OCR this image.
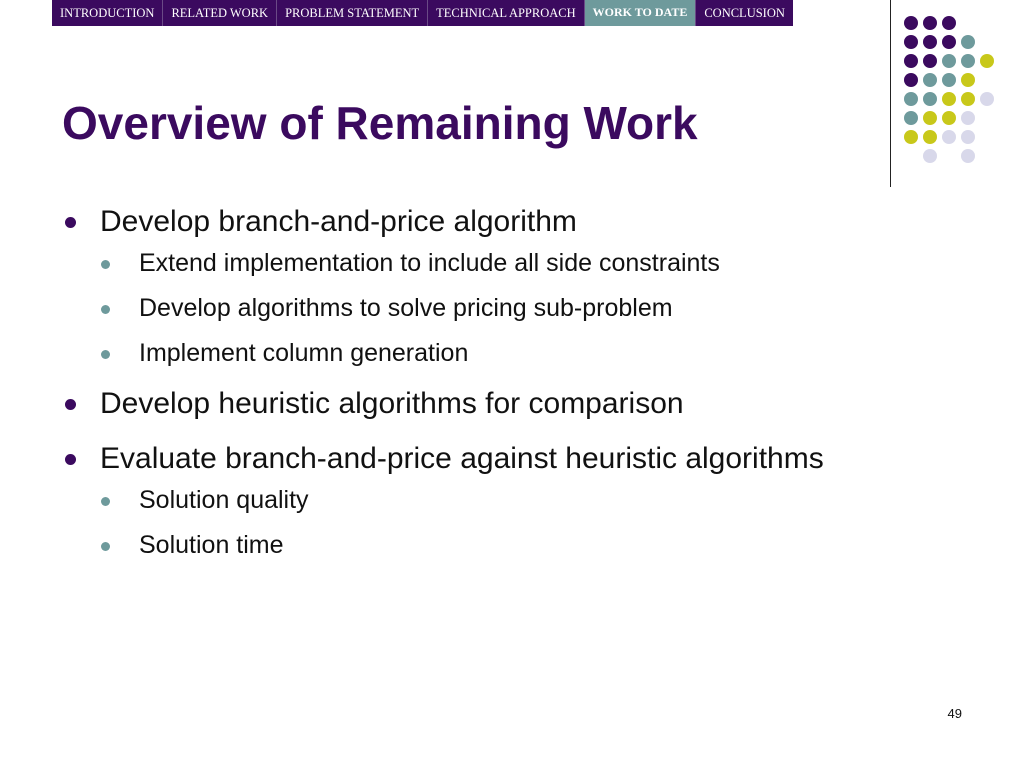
INTRODUCTION	RELATED WORK	PROBLEM STATEMENT	TECHNICAL APPROACH	WORK TO DATE	CONCLUSION
Overview of Remaining Work
Develop branch-and-price algorithm
Extend implementation to include all side constraints
Develop algorithms to solve pricing sub-problem
Implement column generation
Develop heuristic algorithms for comparison
Evaluate branch-and-price against heuristic algorithms
Solution quality
Solution time
49
